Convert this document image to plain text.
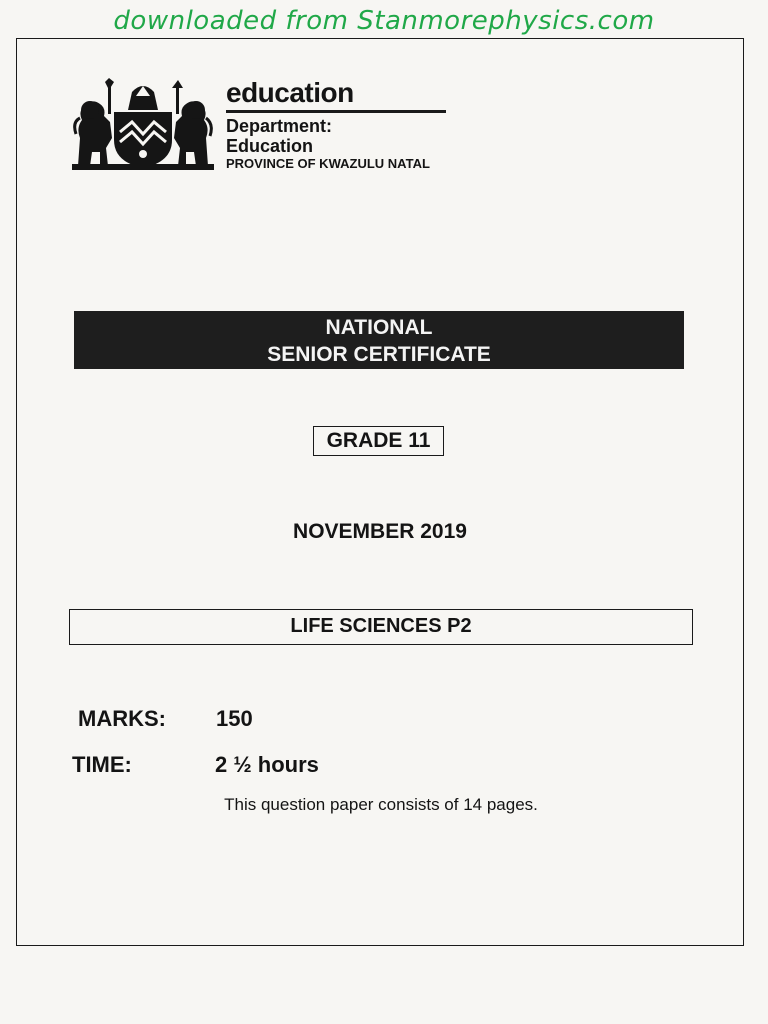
downloaded from Stanmorephysics.com
education
Department:
Education
PROVINCE OF KWAZULU NATAL
NATIONAL
SENIOR CERTIFICATE
GRADE 11
NOVEMBER 2019
LIFE SCIENCES P2
MARKS: 150
TIME:	2 ½ hours
This question paper consists of 14 pages.
